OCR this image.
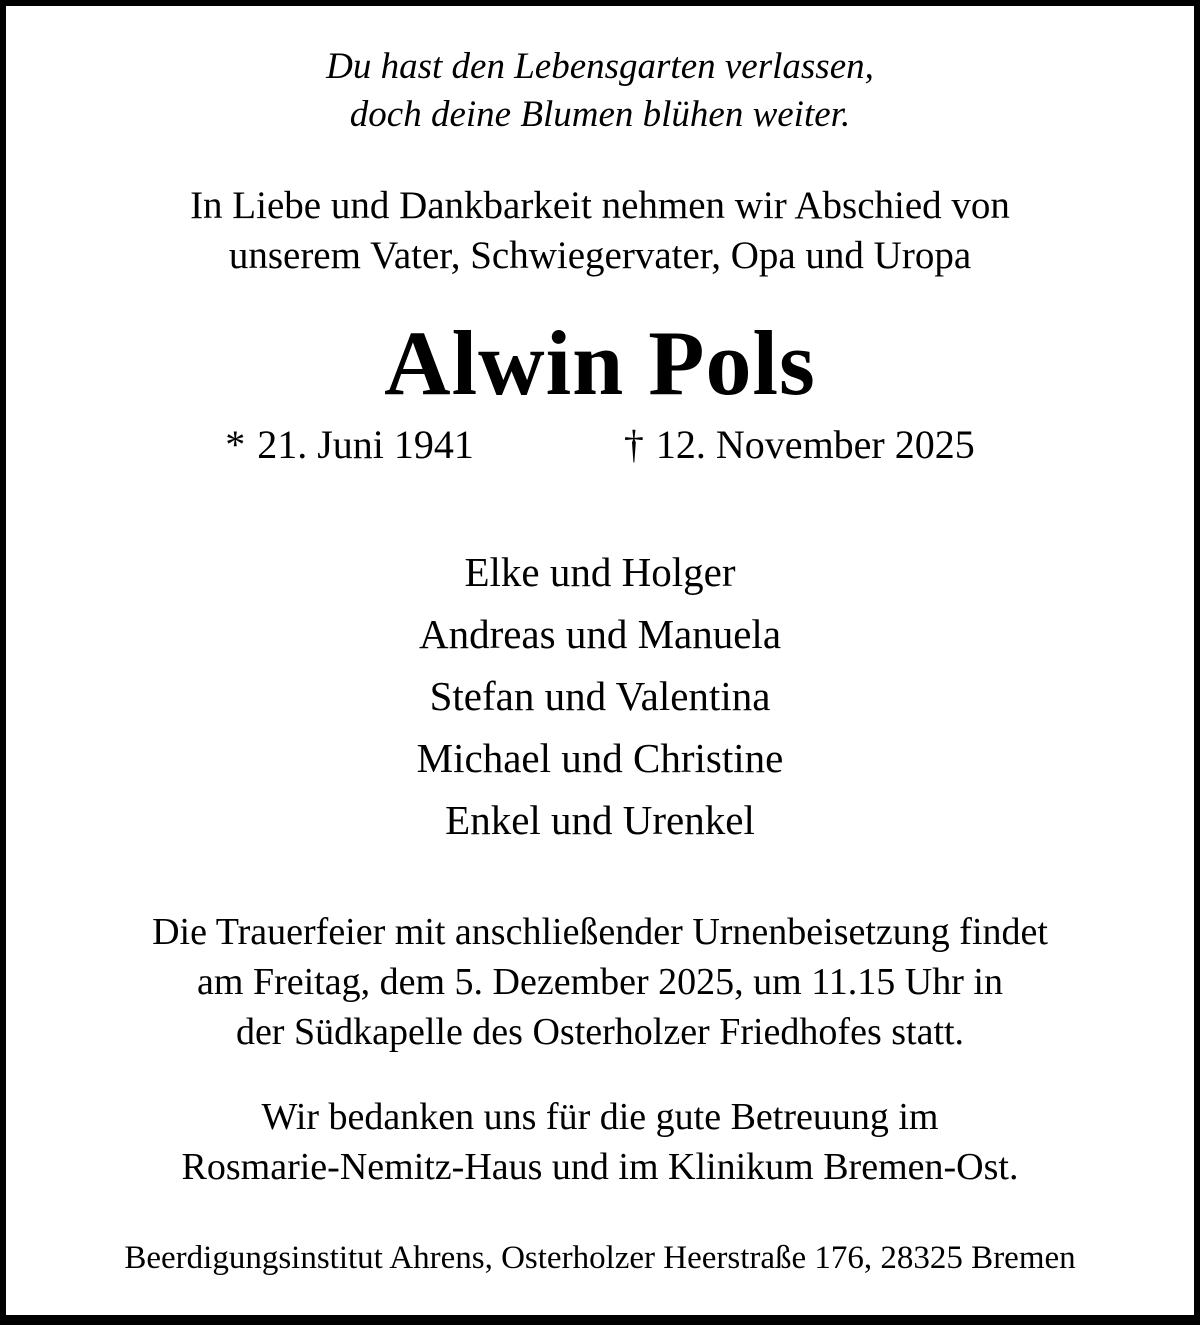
Du hast den Lebensgarten verlassen,
doch deine Blumen blühen weiter.
In Liebe und Dankbarkeit nehmen wir Abschied von
unserem Vater, Schwiegervater, Opa und Uropa
Alwin Pols
* 21. Juni 1941	† 12. November 2025
Elke und Holger
Andreas und Manuela
Stefan und Valentina
Michael und Christine
Enkel und Urenkel
Die Trauerfeier mit anschließender Urnenbeisetzung findet
am Freitag, dem 5. Dezember 2025, um 11.15 Uhr in
der Südkapelle des Osterholzer Friedhofes statt.
Wir bedanken uns für die gute Betreuung im
Rosmarie-Nemitz-Haus und im Klinikum Bremen-Ost.
Beerdigungsinstitut Ahrens, Osterholzer Heerstraße 176, 28325 Bremen
